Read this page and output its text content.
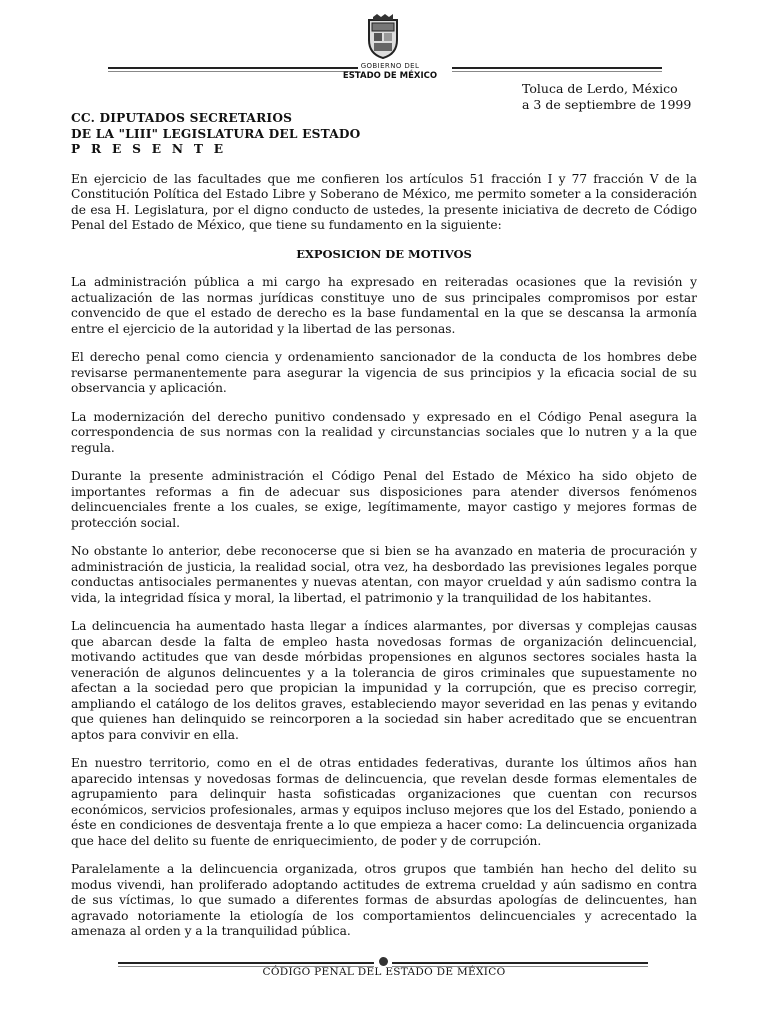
GOBIERNO DEL
ESTADO DE MÉXICO
Toluca de Lerdo, México
a 3 de septiembre de 1999

CC. DIPUTADOS SECRETARIOS

DE LA "LIII" LEGISLATURA DEL ESTADO

P R E S E N T E

En ejercicio de las facultades que me confieren los artículos 51 fracción I y 77 fracción V de la Constitución Política del Estado Libre y Soberano de México, me permito someter a la consideración de esa H. Legislatura, por el digno conducto de ustedes, la presente iniciativa de decreto de Código Penal del Estado de México, que tiene su fundamento en la siguiente:

EXPOSICION DE MOTIVOS

La administración pública a mi cargo ha expresado en reiteradas ocasiones que la revisión y actualización de las normas jurídicas constituye uno de sus principales compromisos por estar convencido de que el estado de derecho es la base fundamental en la que se descansa la armonía entre el ejercicio de la autoridad y la libertad de las personas.

El derecho penal como ciencia y ordenamiento sancionador de la conducta de los hombres debe revisarse permanentemente para asegurar la vigencia de sus principios y la eficacia social de su observancia y aplicación.

La modernización del derecho punitivo condensado y expresado en el Código Penal asegura la correspondencia de sus normas con la realidad y circunstancias sociales que lo nutren y a la que regula.

Durante la presente administración el Código Penal del Estado de México ha sido objeto de importantes reformas a fin de adecuar sus disposiciones para atender diversos fenómenos delincuenciales frente a los cuales, se exige, legítimamente, mayor castigo y mejores formas de protección social.

No obstante lo anterior, debe reconocerse que si bien se ha avanzado en materia de procuración y administración de justicia, la realidad social, otra vez, ha desbordado las previsiones legales porque conductas antisociales permanentes y nuevas atentan, con mayor crueldad y aún sadismo contra la vida, la integridad física y moral, la libertad, el patrimonio y la tranquilidad de los habitantes.

La delincuencia ha aumentado hasta llegar a índices alarmantes, por diversas y complejas causas que abarcan desde la falta de empleo hasta novedosas formas de organización delincuencial, motivando actitudes que van desde mórbidas propensiones en algunos sectores sociales hasta la veneración de algunos delincuentes y a la tolerancia de giros criminales que supuestamente no afectan a la sociedad pero que propician la impunidad y la corrupción, que es preciso corregir, ampliando el catálogo de los delitos graves, estableciendo mayor severidad en las penas y evitando que quienes han delinquido se reincorporen a la sociedad sin haber acreditado que se encuentran aptos para convivir en ella.

En nuestro territorio, como en el de otras entidades federativas, durante los últimos años han aparecido intensas y novedosas formas de delincuencia, que revelan desde formas elementales de agrupamiento para delinquir hasta sofisticadas organizaciones que cuentan con recursos económicos, servicios profesionales, armas y equipos incluso mejores que los del Estado, poniendo a éste en condiciones de desventaja frente a lo que empieza a hacer como: La delincuencia organizada que hace del delito su fuente de enriquecimiento, de poder y de corrupción.

Paralelamente a la delincuencia organizada, otros grupos que también han hecho del delito su modus vivendi, han proliferado adoptando actitudes de extrema crueldad y aún sadismo en contra de sus víctimas, lo que sumado a diferentes formas de absurdas apologías de delincuentes, han agravado notoriamente la etiología de los comportamientos delincuenciales y acrecentado la amenaza al orden y a la tranquilidad pública.

CÓDIGO PENAL DEL ESTADO DE MÉXICO
